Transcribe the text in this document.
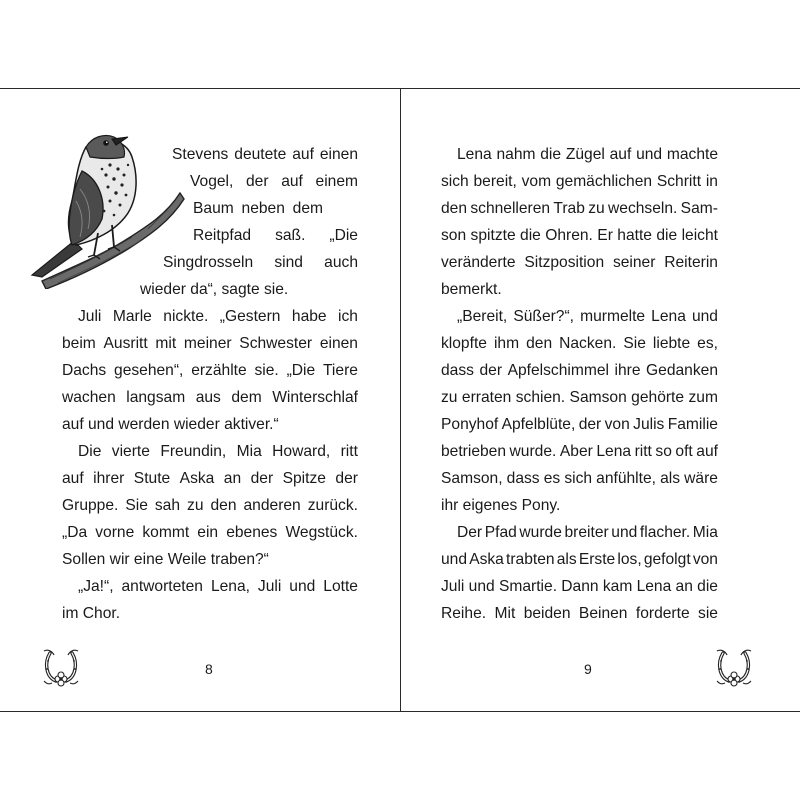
Stevens deutete auf einen
Vogel, der auf einem
Baum neben dem
Reitpfad saß. „Die
Singdrosseln sind auch
wieder da“, sagte sie.
Juli Marle nickte. „Gestern habe ich
beim Ausritt mit meiner Schwester einen
Dachs gesehen“, erzählte sie. „Die Tiere
wachen langsam aus dem Winterschlaf
auf und werden wieder aktiver.“
Die vierte Freundin, Mia Howard, ritt
auf ihrer Stute Aska an der Spitze der
Gruppe. Sie sah zu den anderen zurück.
„Da vorne kommt ein ebenes Wegstück.
Sollen wir eine Weile traben?“
„Ja!“, antworteten Lena, Juli und Lotte
im Chor.
8
Lena nahm die Zügel auf und machte
sich bereit, vom gemächlichen Schritt in
den schnelleren Trab zu wechseln. Sam-
son spitzte die Ohren. Er hatte die leicht
veränderte Sitzposition seiner Reiterin
bemerkt.
„Bereit, Süßer?“, murmelte Lena und
klopfte ihm den Nacken. Sie liebte es,
dass der Apfelschimmel ihre Gedanken
zu erraten schien. Samson gehörte zum
Ponyhof Apfelblüte, der von Julis Familie
betrieben wurde. Aber Lena ritt so oft auf
Samson, dass es sich anfühlte, als wäre
ihr eigenes Pony.
Der Pfad wurde breiter und flacher. Mia
und Aska trabten als Erste los, gefolgt von
Juli und Smartie. Dann kam Lena an die
Reihe. Mit beiden Beinen forderte sie
9
